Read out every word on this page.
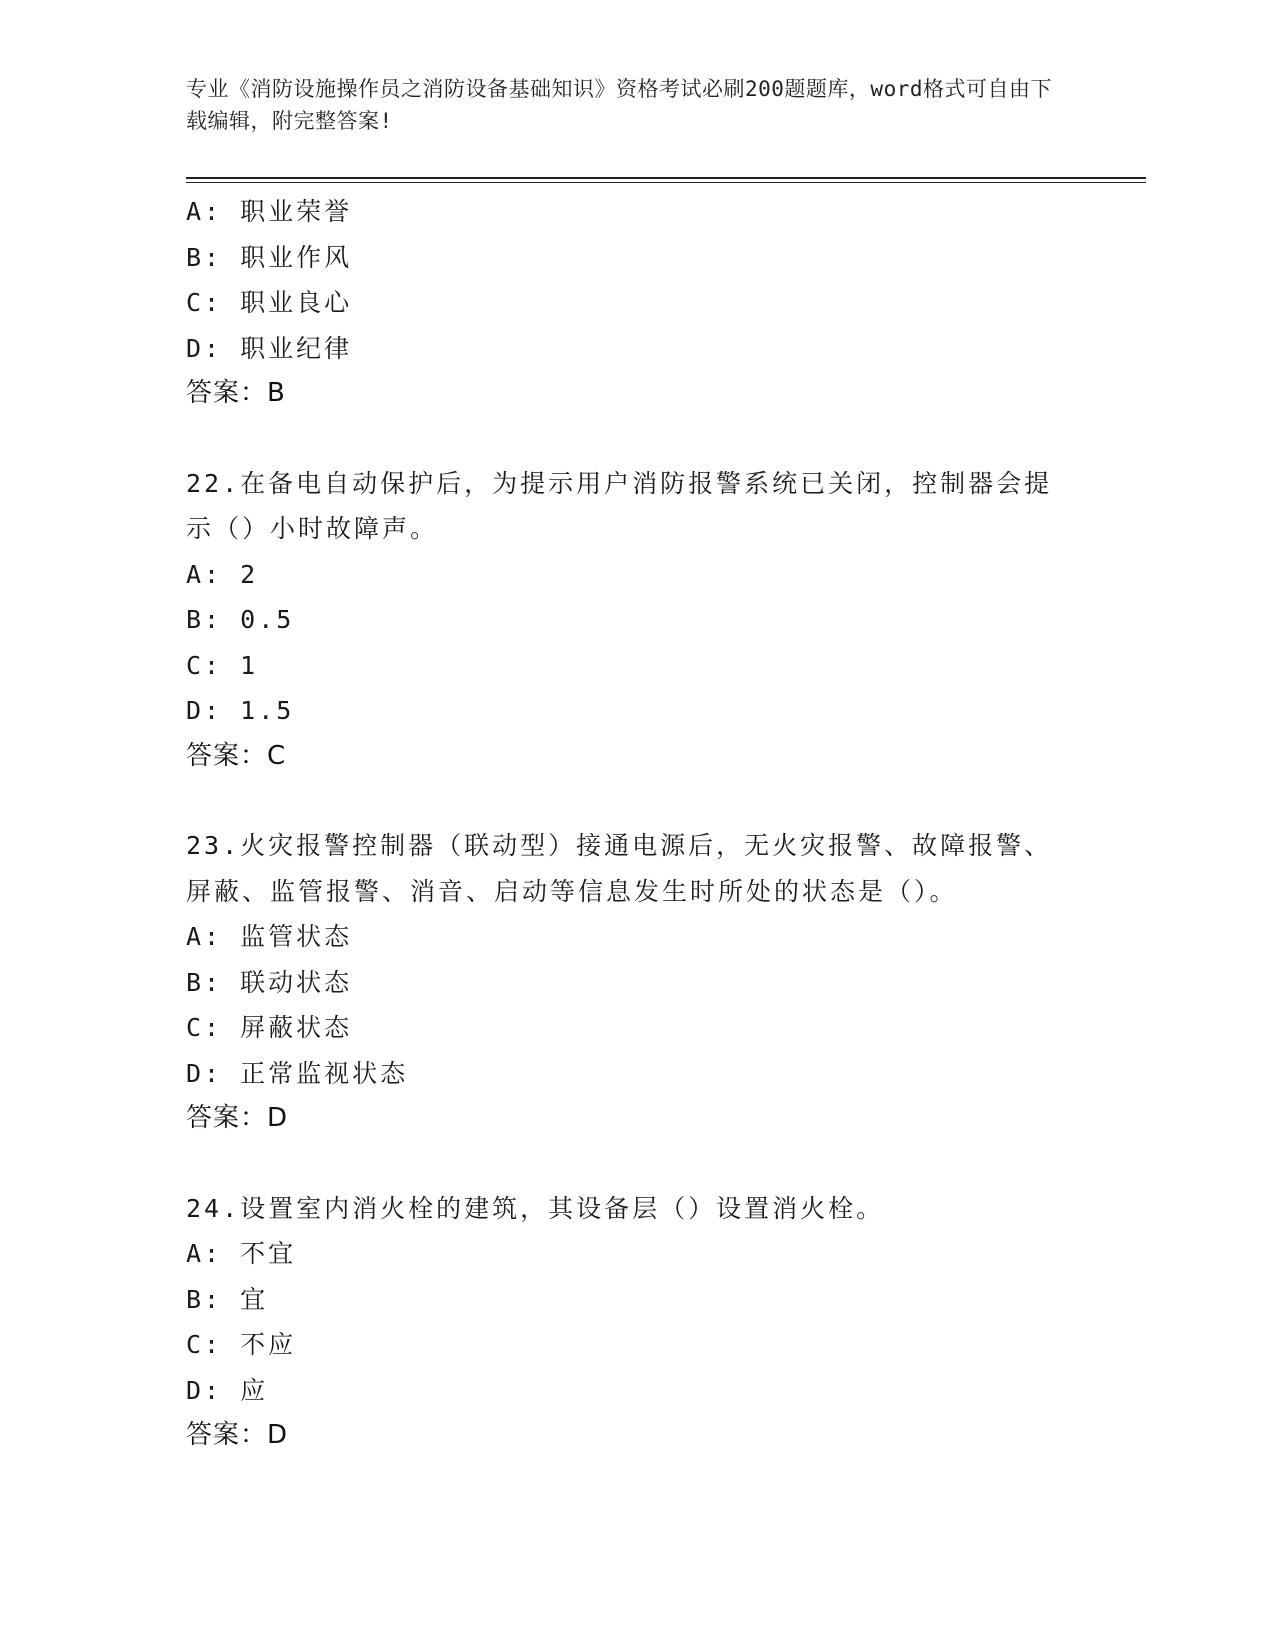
专业《消防设施操作员之消防设备基础知识》资格考试必刷200题题库，word格式可自由下载编辑，附完整答案!
A: 职业荣誉
B: 职业作风
C: 职业良心
D: 职业纪律
答案：B
22.在备电自动保护后，为提示用户消防报警系统已关闭，控制器会提示（）小时故障声。
A: 2
B: 0.5
C: 1
D: 1.5
答案：C
23.火灾报警控制器（联动型）接通电源后，无火灾报警、故障报警、屏蔽、监管报警、消音、启动等信息发生时所处的状态是（）。
A: 监管状态
B: 联动状态
C: 屏蔽状态
D: 正常监视状态
答案：D
24.设置室内消火栓的建筑，其设备层（）设置消火栓。
A: 不宜
B: 宜
C: 不应
D: 应
答案：D
